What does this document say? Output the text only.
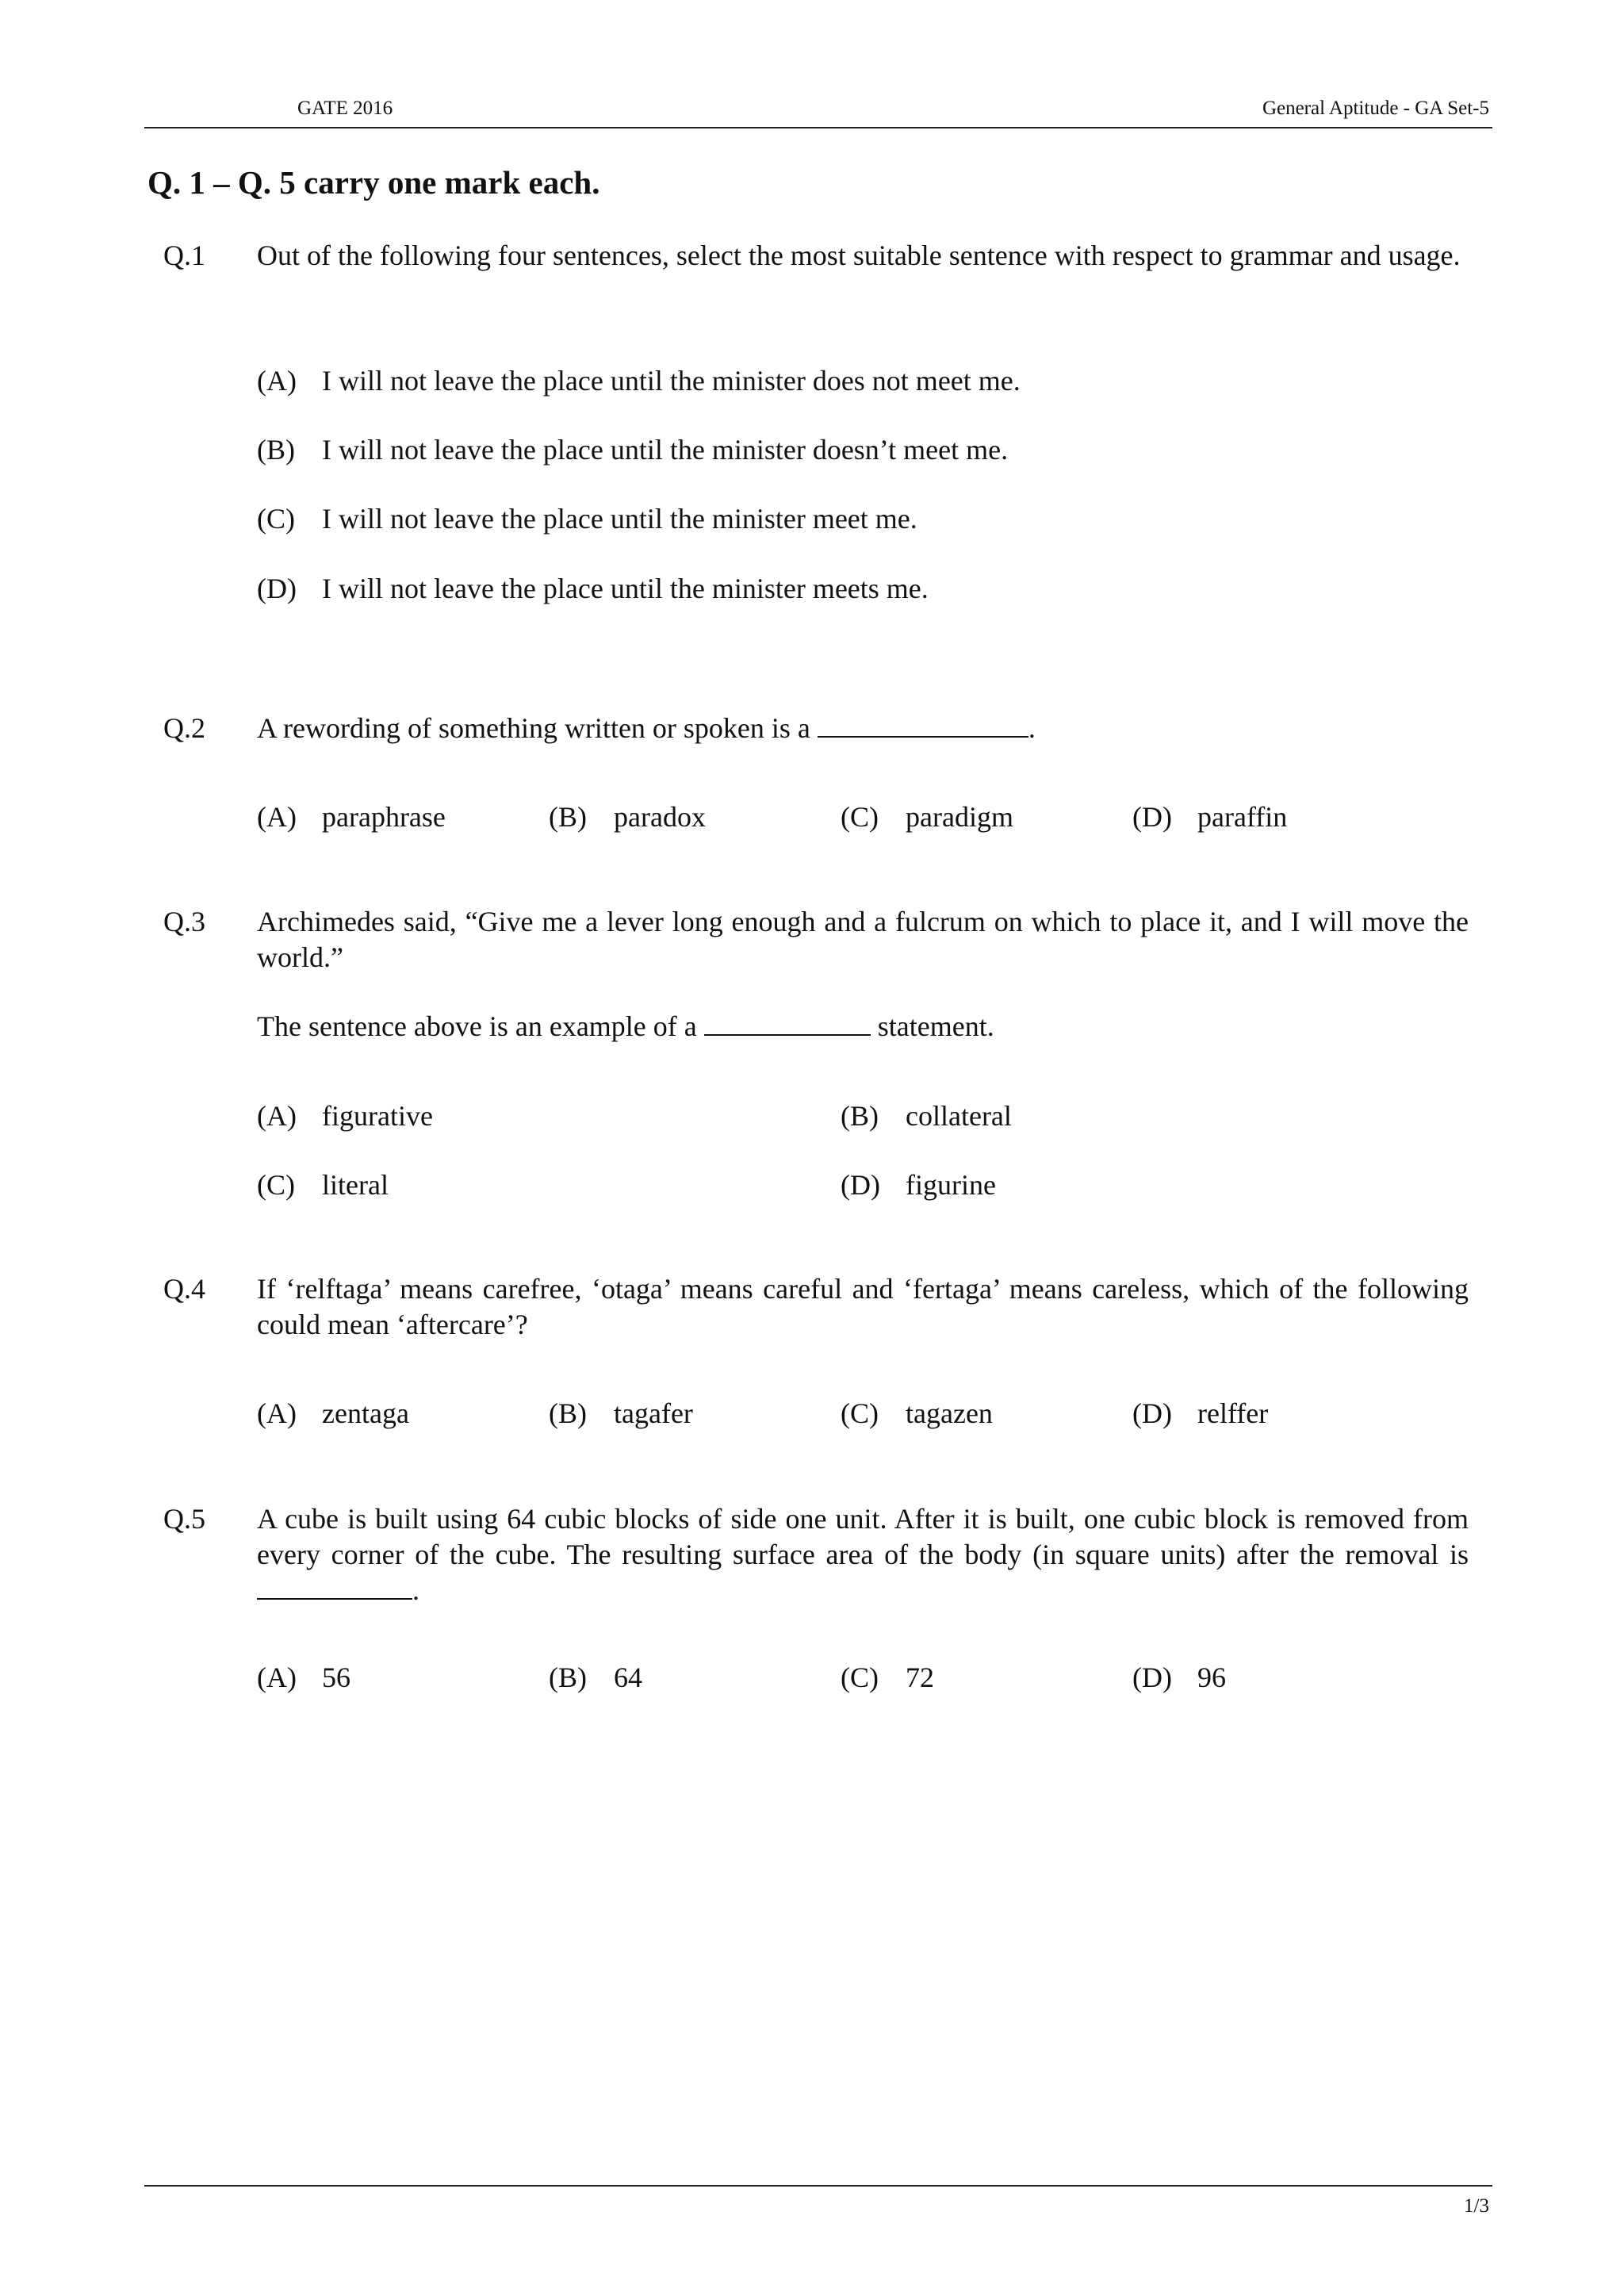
GATE 2016	General Aptitude - GA Set-5
Q. 1 – Q. 5 carry one mark each.
Q.1 Out of the following four sentences, select the most suitable sentence with respect to grammar and usage.
(A) I will not leave the place until the minister does not meet me.
(B) I will not leave the place until the minister doesn’t meet me.
(C) I will not leave the place until the minister meet me.
(D) I will not leave the place until the minister meets me.
Q.2 A rewording of something written or spoken is a	.
(A) paraphrase	(B) paradox	(C) paradigm	(D) paraffin
Q.3 Archimedes said, “Give me a lever long enough and a fulcrum on which to place it, and I will move the world.”
The sentence above is an example of a	statement.
(A) figurative	(B) collateral
(C) literal	(D) figurine
Q.4 If ‘relftaga’ means carefree, ‘otaga’ means careful and ‘fertaga’ means careless, which of the following could mean ‘aftercare’?
(A) zentaga	(B) tagafer	(C) tagazen	(D) relffer
Q.5 A cube is built using 64 cubic blocks of side one unit. After it is built, one cubic block is removed from every corner of the cube. The resulting surface area of the body (in square units) after the removal is .
(A) 56	(B) 64	(C) 72	(D) 96
1/3
